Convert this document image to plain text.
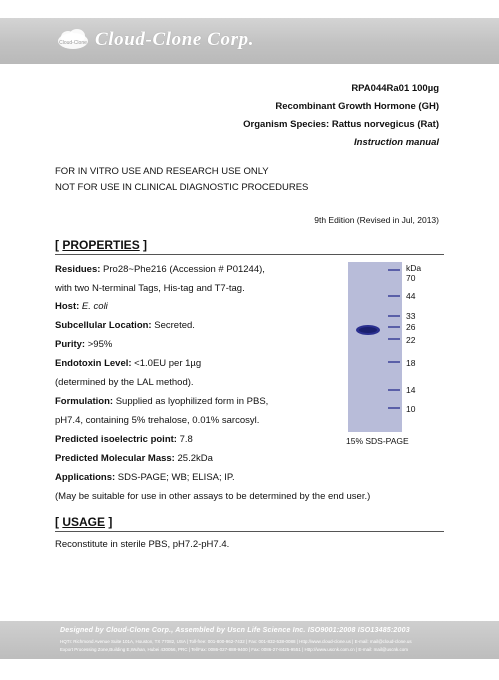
Cloud-Clone Cloud-Clone Corp.
RPA044Ra01 100µg
Recombinant Growth Hormone (GH)
Organism Species: Rattus norvegicus (Rat)
Instruction manual
FOR IN VITRO USE AND RESEARCH USE ONLY
NOT FOR USE IN CLINICAL DIAGNOSTIC PROCEDURES
9th Edition (Revised in Jul, 2013)
[ PROPERTIES ]
Residues: Pro28~Phe216 (Accession # P01244),
with two N-terminal Tags, His-tag and T7-tag.
Host: E. coli
Subcellular Location: Secreted.
Purity: >95%
Endotoxin Level: <1.0EU per 1µg
(determined by the LAL method).
Formulation: Supplied as lyophilized form in PBS,
pH7.4, containing 5% trehalose, 0.01% sarcosyl.
Predicted isoelectric point: 7.8
Predicted Molecular Mass: 25.2kDa
Applications: SDS-PAGE; WB; ELISA; IP.
(May be suitable for use in other assays to be determined by the end user.)
kDa
70
44
33
26
22
18
14
10
15% SDS-PAGE
[ USAGE ]
Reconstitute in sterile PBS, pH7.2-pH7.4.
Designed by Cloud-Clone Corp., Assembled by Uscn Life Science Inc. ISO9001:2008 ISO13485:2003
HQTI: Richmond Avenue Suite 101A, Houston, TX 77082, USA | Toll-free: 001-800-962-7432 | Fax: 001-832-538-0088 | Http://www.cloud-clone.us | E-mail: mail@cloud-clone.us
Export Processing Zone,Building E,Wuhan, Hubei 430056, PRC | Tel/Fax: 0086-027-888-9400 | Fax: 0086-27-8425-9551 | Http://www.uscnk.com.cn | E-mail: mail@uscnk.com
